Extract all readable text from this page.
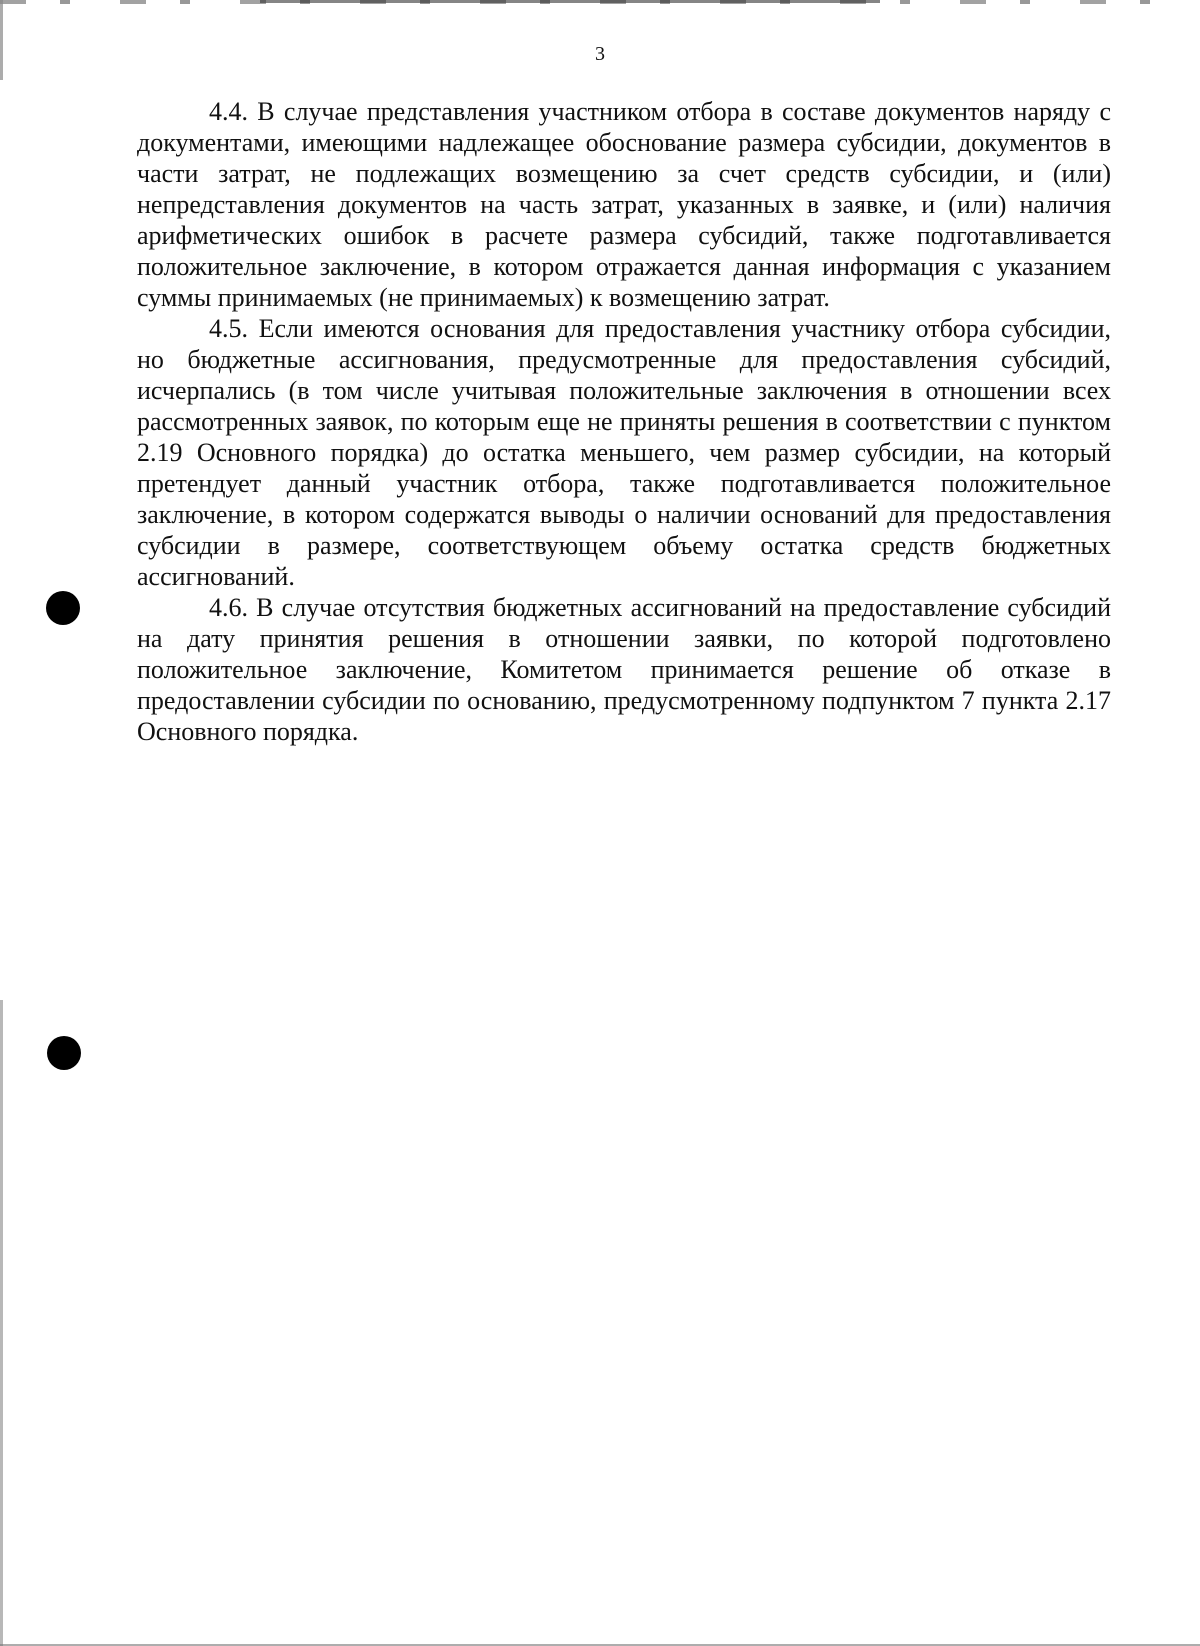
3

4.4. В случае представления участником отбора в составе документов наряду с документами, имеющими надлежащее обоснование размера субсидии, документов в части затрат, не подлежащих возмещению за счет средств субсидии, и (или) непредставления документов на часть затрат, указанных в заявке, и (или) наличия арифметических ошибок в расчете размера субсидий, также подготавливается положительное заключение, в котором отражается данная информация с указанием суммы принимаемых (не принимаемых) к возмещению затрат.

4.5. Если имеются основания для предоставления участнику отбора субсидии, но бюджетные ассигнования, предусмотренные для предоставления субсидий, исчерпались (в том числе учитывая положительные заключения в отношении всех рассмотренных заявок, по которым еще не приняты решения в соответствии с пунктом 2.19 Основного порядка) до остатка меньшего, чем размер субсидии, на который претендует данный участник отбора, также подготавливается положительное заключение, в котором содержатся выводы о наличии оснований для предоставления субсидии в размере, соответствующем объему остатка средств бюджетных ассигнований.

4.6. В случае отсутствия бюджетных ассигнований на предоставление субсидий на дату принятия решения в отношении заявки, по которой подготовлено положительное заключение, Комитетом принимается решение об отказе в предоставлении субсидии по основанию, предусмотренному подпунктом 7 пункта 2.17 Основного порядка.
